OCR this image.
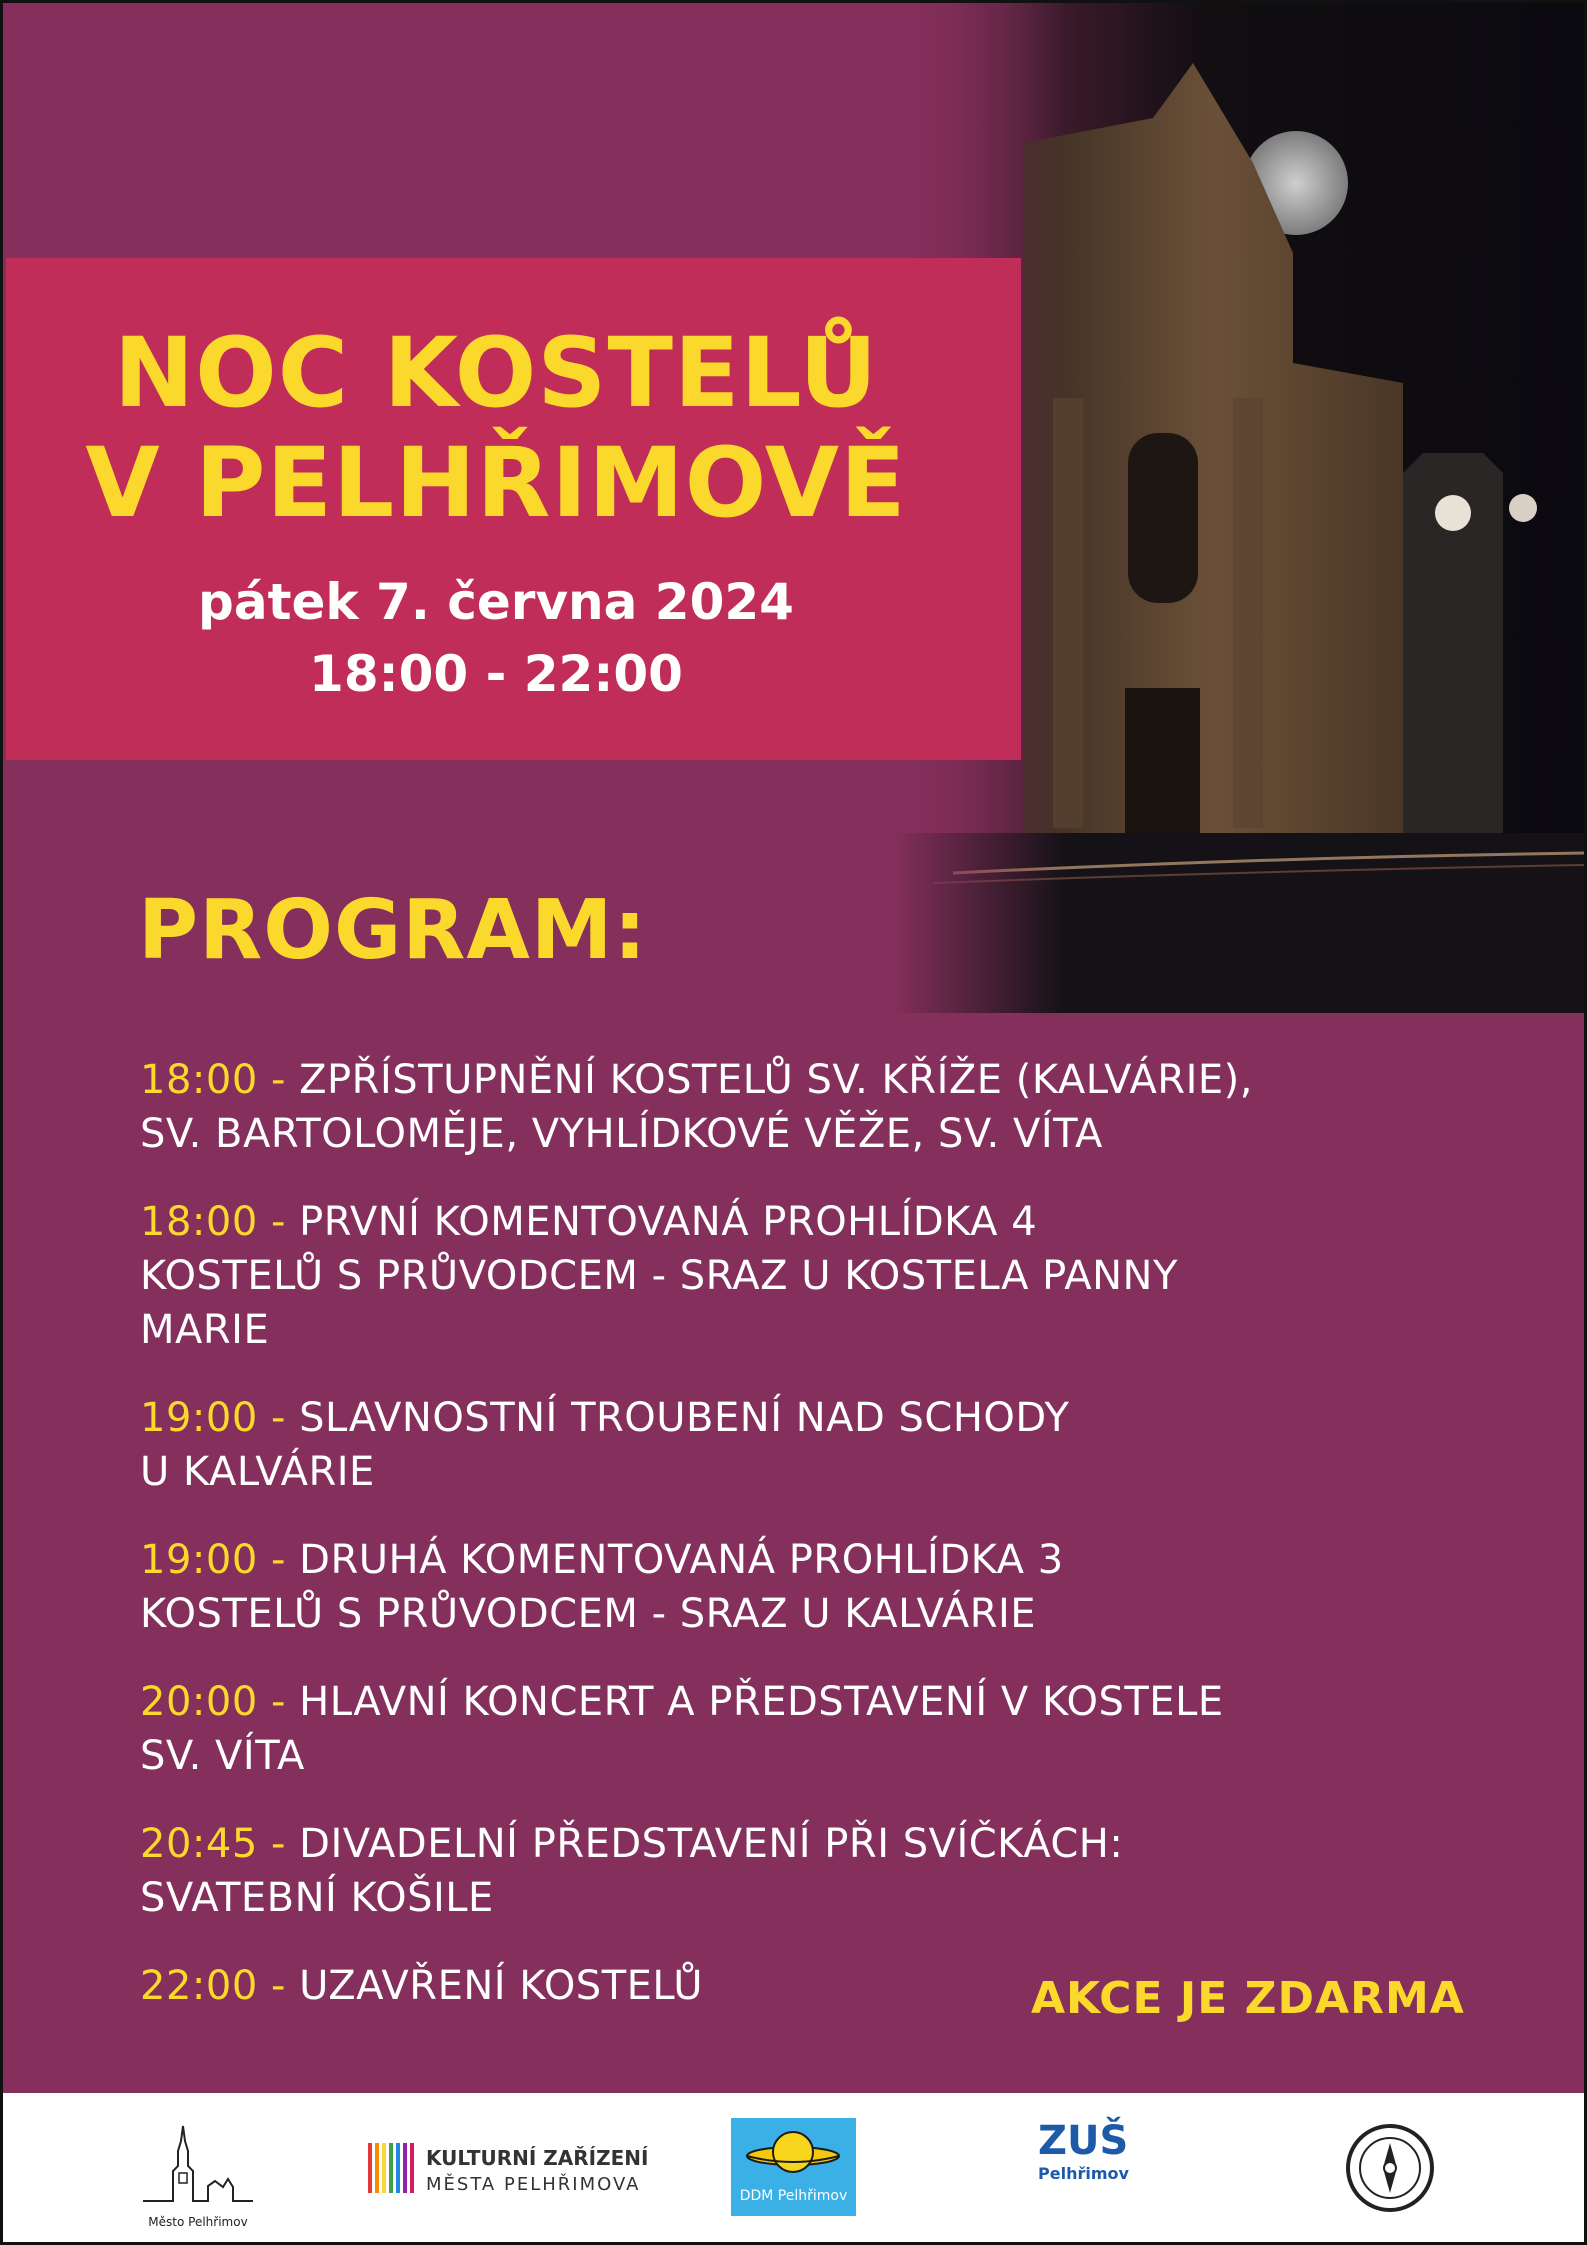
NOC KOSTELŮ
V PELHŘIMOVĚ
pátek 7. června 2024
18:00 - 22:00
PROGRAM:
18:00 - ZPŘÍSTUPNĚNÍ KOSTELŮ SV. KŘÍŽE (KALVÁRIE),
SV. BARTOLOMĚJE, VYHLÍDKOVÉ VĚŽE, SV. VÍTA
18:00 - PRVNÍ KOMENTOVANÁ PROHLÍDKA 4
KOSTELŮ S PRŮVODCEM - SRAZ U KOSTELA PANNY
MARIE
19:00 - SLAVNOSTNÍ TROUBENÍ NAD SCHODY
U KALVÁRIE
19:00 - DRUHÁ KOMENTOVANÁ PROHLÍDKA 3
KOSTELŮ S PRŮVODCEM - SRAZ U KALVÁRIE
20:00 - HLAVNÍ KONCERT A PŘEDSTAVENÍ V KOSTELE
SV. VÍTA
20:45 - DIVADELNÍ PŘEDSTAVENÍ PŘI SVÍČKÁCH:
SVATEBNÍ KOŠILE
22:00 - UZAVŘENÍ KOSTELŮ	AKCE JE ZDARMA
Město Pelhřimov
KULTURNÍ ZAŘÍZENÍ
MĚSTA PELHŘIMOVA
DDM Pelhřimov
ZUŠ
Pelhřimov
